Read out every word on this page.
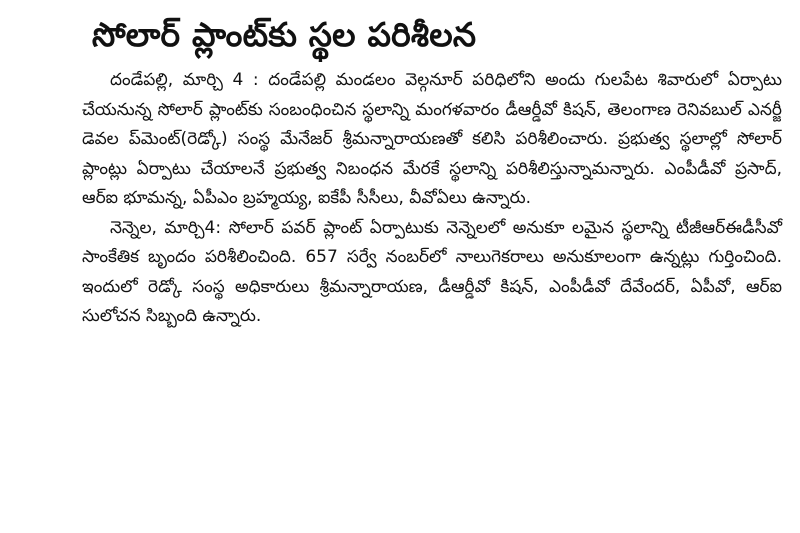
సోలార్ ప్లాంట్‌కు స్థల పరిశీలన

దండేపల్లి, మార్చి 4 : దండేపల్లి మండలం వెల్గనూర్ పరిధిలోని అందు గులపేట శివారులో ఏర్పాటు చేయనున్న సోలార్ ప్లాంట్‌కు సంబంధించిన స్థలాన్ని మంగళవారం డీఆర్డీవో కిషన్, తెలంగాణ రెనివబుల్ ఎనర్జీ డెవల ప్‌మెంట్(రెడ్కో) సంస్థ మేనేజర్ శ్రీమన్నారాయణతో కలిసి పరిశీలించారు. ప్రభుత్వ స్థలాల్లో సోలార్ ప్లాంట్లు ఏర్పాటు చేయాలనే ప్రభుత్వ నిబంధన మేరకే స్థలాన్ని పరిశీలిస్తున్నామన్నారు. ఎంపీడీవో ప్రసాద్, ఆర్ఐ భూమన్న, ఏపీఎం బ్రహ్మయ్య, ఐకేపీ సీసీలు, వీవోఏలు ఉన్నారు.

నెన్నెల, మార్చి4: సోలార్ పవర్ ప్లాంట్ ఏర్పాటుకు నెన్నెలలో అనుకూ లమైన స్థలాన్ని టీజీఆర్ఈడీసీవో సాంకేతిక బృందం పరిశీలించింది. 657 సర్వే నంబర్‌లో నాలుగెకరాలు అనుకూలంగా ఉన్నట్లు గుర్తించింది. ఇందులో రెడ్కో సంస్థ అధికారులు శ్రీమన్నారాయణ, డీఆర్డీవో కిషన్, ఎంపీడీవో దేవేందర్, ఏపీవో, ఆర్ఐ సులోచన సిబ్బంది ఉన్నారు.
